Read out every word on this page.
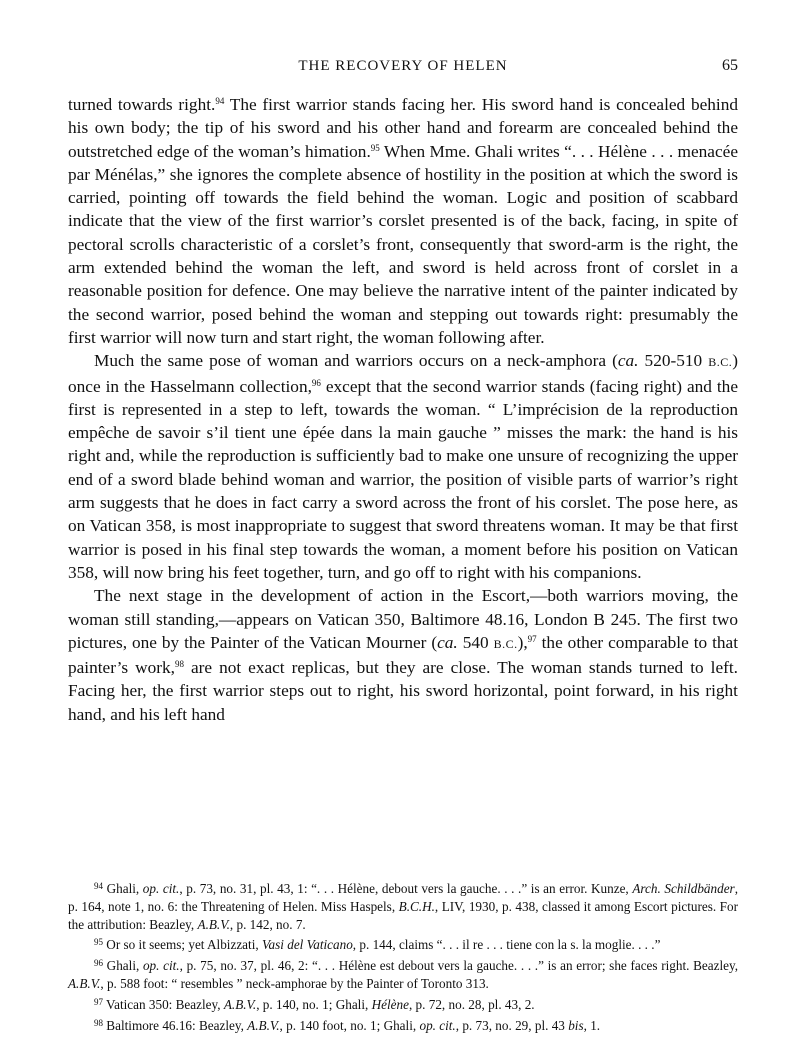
THE RECOVERY OF HELEN	65

turned towards right.$^{94}$ The first warrior stands facing her. His sword hand is concealed behind his own body; the tip of his sword and his other hand and forearm are concealed behind the outstretched edge of the woman’s himation.$^{95}$ When Mme. Ghali writes “. . . Hélène . . . menacée par Ménélas,” she ignores the complete absence of hostility in the position at which the sword is carried, pointing off towards the field behind the woman. Logic and position of scabbard indicate that the view of the first warrior’s corslet presented is of the back, facing, in spite of pectoral scrolls characteristic of a corslet’s front, consequently that sword-arm is the right, the arm extended behind the woman the left, and sword is held across front of corslet in a reasonable position for defence. One may believe the narrative intent of the painter indicated by the second warrior, posed behind the woman and stepping out towards right: presumably the first warrior will now turn and start right, the woman following after.

Much the same pose of woman and warriors occurs on a neck-amphora (ca. 520-510 B.C.) once in the Hasselmann collection,$^{96}$ except that the second warrior stands (facing right) and the first is represented in a step to left, towards the woman. “ L’imprécision de la reproduction empêche de savoir s’il tient une épée dans la main gauche ” misses the mark: the hand is his right and, while the reproduction is sufficiently bad to make one unsure of recognizing the upper end of a sword blade behind woman and warrior, the position of visible parts of warrior’s right arm suggests that he does in fact carry a sword across the front of his corslet. The pose here, as on Vatican 358, is most inappropriate to suggest that sword threatens woman. It may be that first warrior is posed in his final step towards the woman, a moment before his position on Vatican 358, will now bring his feet together, turn, and go off to right with his companions.

The next stage in the development of action in the Escort,—both warriors moving, the woman still standing,—appears on Vatican 350, Baltimore 48.16, London B 245. The first two pictures, one by the Painter of the Vatican Mourner (ca. 540 B.C.),$^{97}$ the other comparable to that painter’s work,$^{98}$ are not exact replicas, but they are close. The woman stands turned to left. Facing her, the first warrior steps out to right, his sword horizontal, point forward, in his right hand, and his left hand

$^{94}$ Ghali, op. cit., p. 73, no. 31, pl. 43, 1: “. . . Hélène, debout vers la gauche. . . .” is an error. Kunze, Arch. Schildbänder, p. 164, note 1, no. 6: the Threatening of Helen. Miss Haspels, B.C.H., LIV, 1930, p. 438, classed it among Escort pictures. For the attribution: Beazley, A.B.V., p. 142, no. 7.

$^{95}$ Or so it seems; yet Albizzati, Vasi del Vaticano, p. 144, claims “. . . il re . . . tiene con la s. la moglie. . . .”

$^{96}$ Ghali, op. cit., p. 75, no. 37, pl. 46, 2: “. . . Hélène est debout vers la gauche. . . .” is an error; she faces right. Beazley, A.B.V., p. 588 foot: “ resembles ” neck-amphorae by the Painter of Toronto 313.

$^{97}$ Vatican 350: Beazley, A.B.V., p. 140, no. 1; Ghali, Hélène, p. 72, no. 28, pl. 43, 2.

$^{98}$ Baltimore 46.16: Beazley, A.B.V., p. 140 foot, no. 1; Ghali, op. cit., p. 73, no. 29, pl. 43 bis, 1.
